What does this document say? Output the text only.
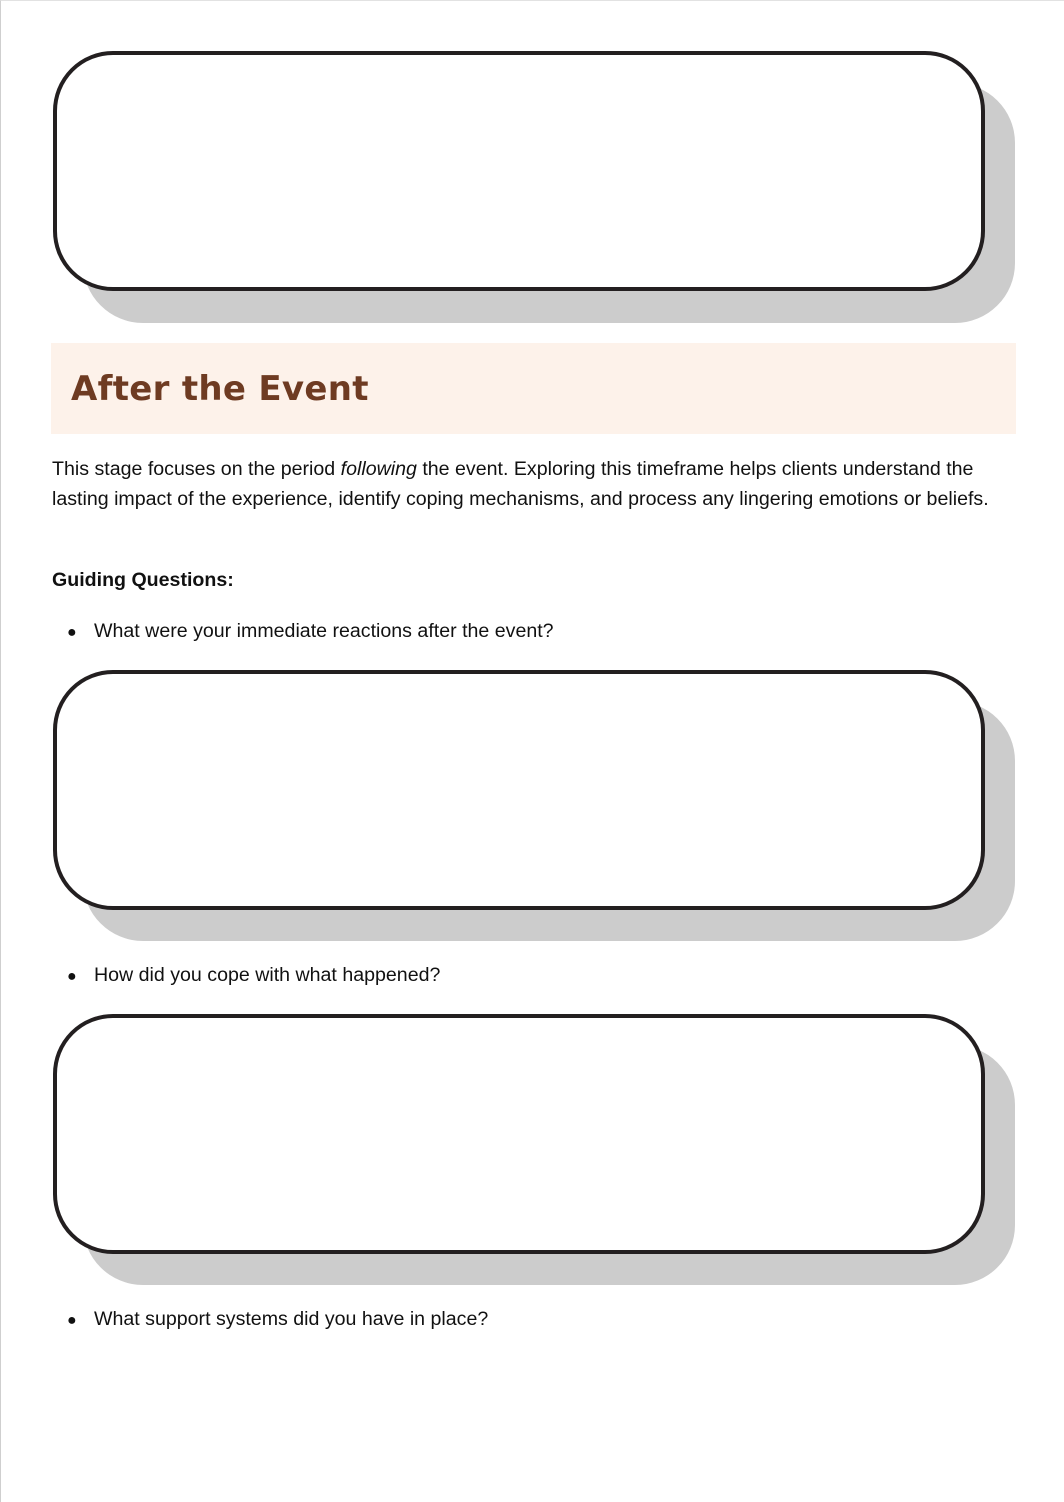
After the Event

This stage focuses on the period following the event. Exploring this timeframe helps clients understand the lasting impact of the experience, identify coping mechanisms, and process any lingering emotions or beliefs.

Guiding Questions:

● What were your immediate reactions after the event?
● How did you cope with what happened?
● What support systems did you have in place?
